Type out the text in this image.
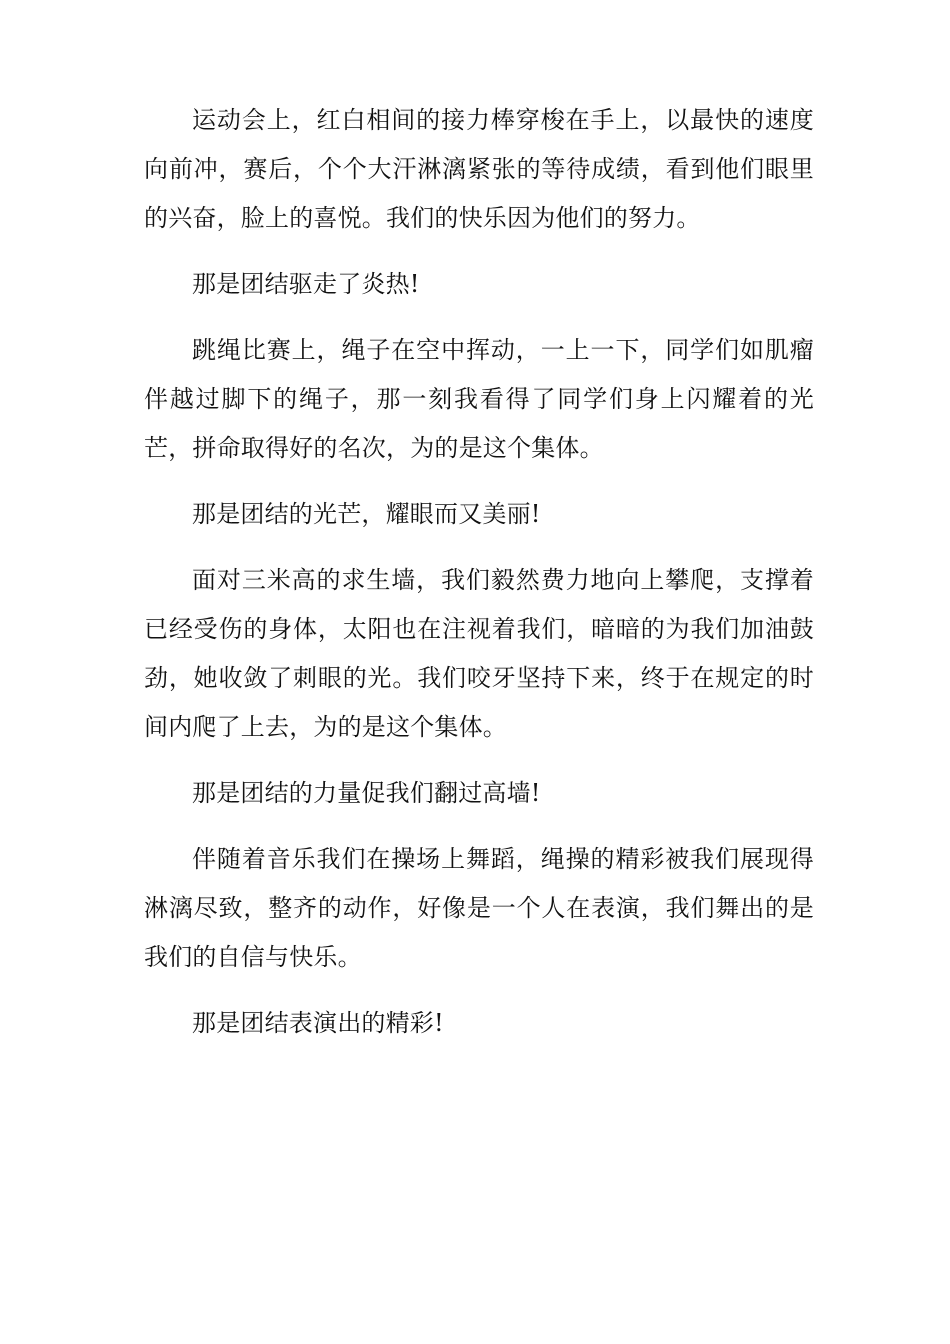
运动会上，红白相间的接力棒穿梭在手上，以最快的速度向前冲，赛后，个个大汗淋漓紧张的等待成绩，看到他们眼里的兴奋，脸上的喜悦。我们的快乐因为他们的努力。

那是团结驱走了炎热!

跳绳比赛上，绳子在空中挥动，一上一下，同学们如肌瘤伴越过脚下的绳子，那一刻我看得了同学们身上闪耀着的光芒，拼命取得好的名次，为的是这个集体。

那是团结的光芒，耀眼而又美丽!

面对三米高的求生墙，我们毅然费力地向上攀爬，支撑着已经受伤的身体，太阳也在注视着我们，暗暗的为我们加油鼓劲，她收敛了刺眼的光。我们咬牙坚持下来，终于在规定的时间内爬了上去，为的是这个集体。

那是团结的力量促我们翻过高墙!

伴随着音乐我们在操场上舞蹈，绳操的精彩被我们展现得淋漓尽致，整齐的动作，好像是一个人在表演，我们舞出的是我们的自信与快乐。

那是团结表演出的精彩!
